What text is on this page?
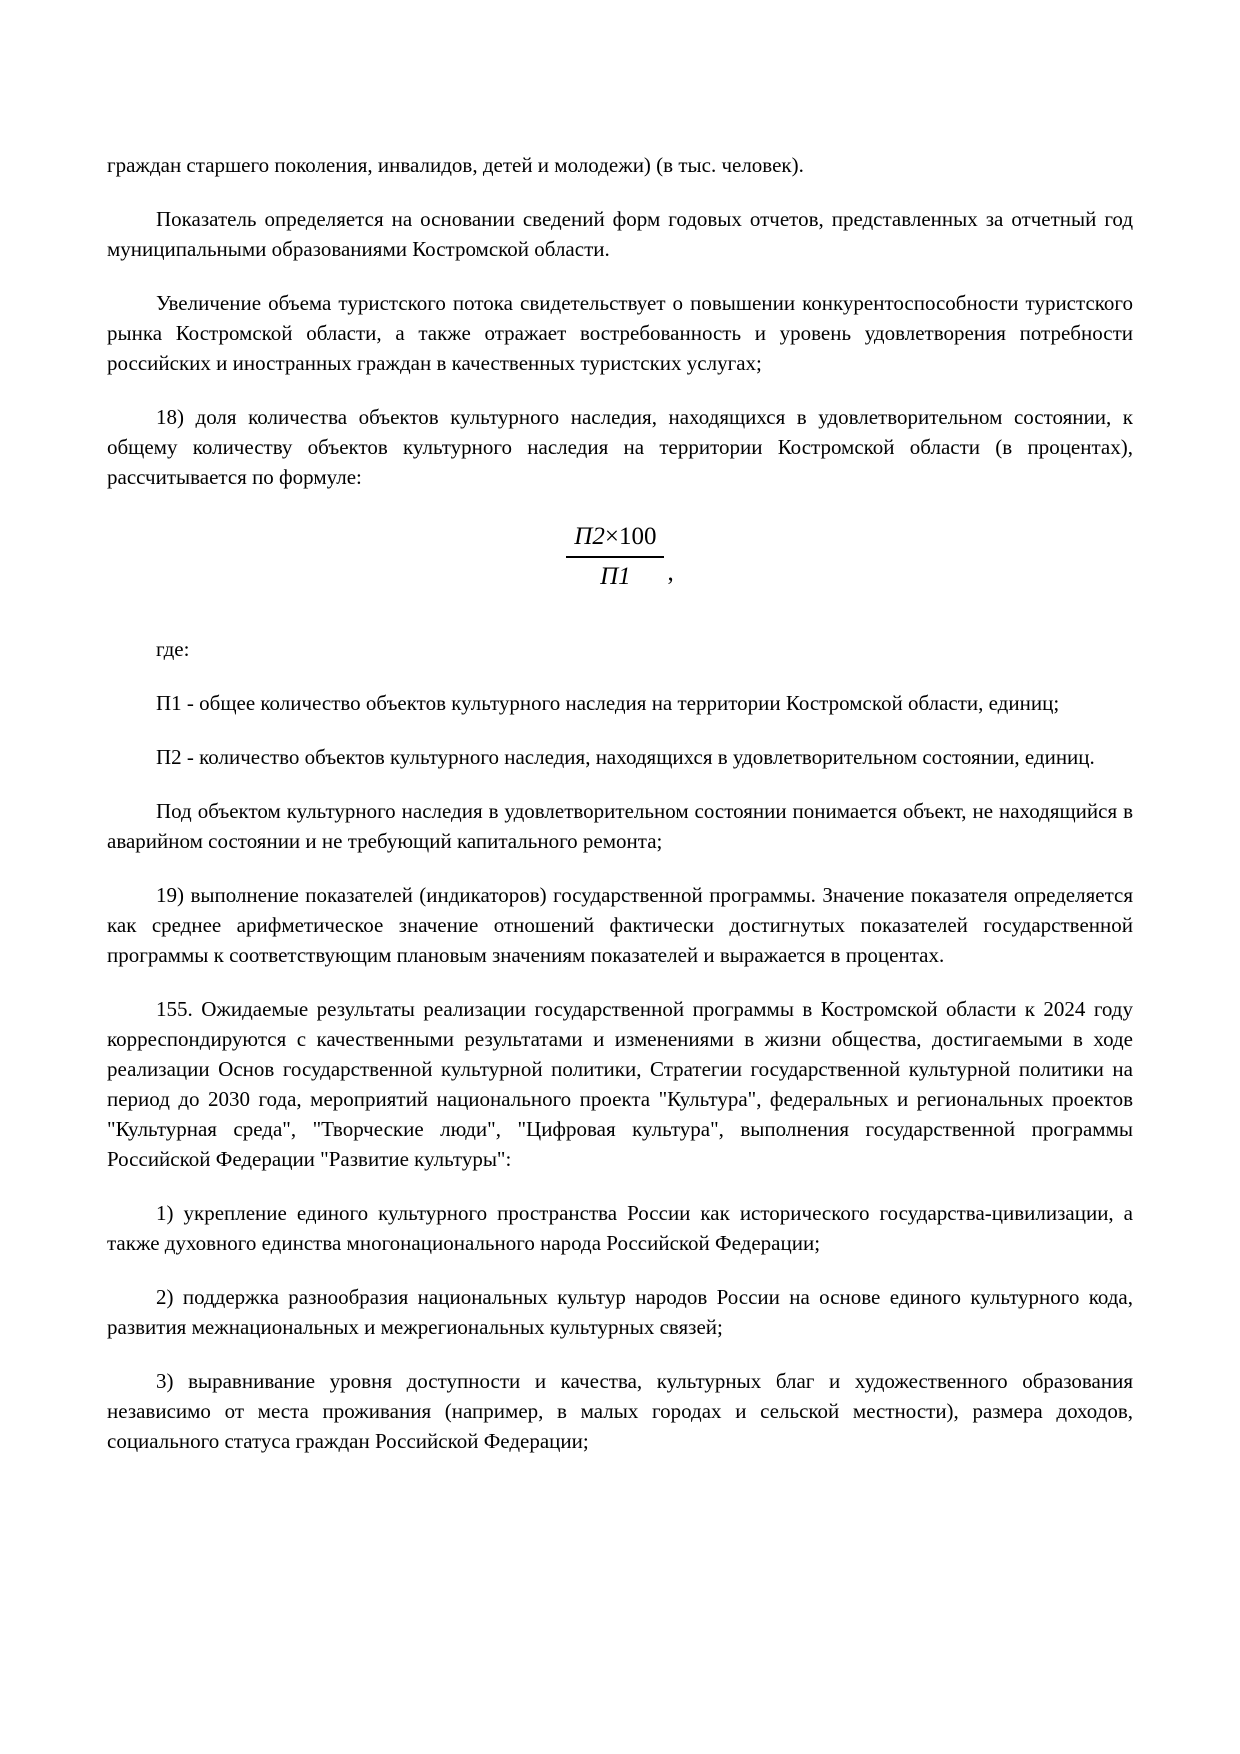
граждан старшего поколения, инвалидов, детей и молодежи) (в тыс. человек).

Показатель определяется на основании сведений форм годовых отчетов, представленных за отчетный год муниципальными образованиями Костромской области.

Увеличение объема туристского потока свидетельствует о повышении конкурентоспособности туристского рынка Костромской области, а также отражает востребованность и уровень удовлетворения потребности российских и иностранных граждан в качественных туристских услугах;

18) доля количества объектов культурного наследия, находящихся в удовлетворительном состоянии, к общему количеству объектов культурного наследия на территории Костромской области (в процентах), рассчитывается по формуле:

$\frac{П2\times 100}{П1}$ ,

где:

П1 - общее количество объектов культурного наследия на территории Костромской области, единиц;

П2 - количество объектов культурного наследия, находящихся в удовлетворительном состоянии, единиц.

Под объектом культурного наследия в удовлетворительном состоянии понимается объект, не находящийся в аварийном состоянии и не требующий капитального ремонта;

19) выполнение показателей (индикаторов) государственной программы. Значение показателя определяется как среднее арифметическое значение отношений фактически достигнутых показателей государственной программы к соответствующим плановым значениям показателей и выражается в процентах.

155. Ожидаемые результаты реализации государственной программы в Костромской области к 2024 году корреспондируются с качественными результатами и изменениями в жизни общества, достигаемыми в ходе реализации Основ государственной культурной политики, Стратегии государственной культурной политики на период до 2030 года, мероприятий национального проекта "Культура", федеральных и региональных проектов "Культурная среда", "Творческие люди", "Цифровая культура", выполнения государственной программы Российской Федерации "Развитие культуры":

1) укрепление единого культурного пространства России как исторического государства-цивилизации, а также духовного единства многонационального народа Российской Федерации;

2) поддержка разнообразия национальных культур народов России на основе единого культурного кода, развития межнациональных и межрегиональных культурных связей;

3) выравнивание уровня доступности и качества, культурных благ и художественного образования независимо от места проживания (например, в малых городах и сельской местности), размера доходов, социального статуса граждан Российской Федерации;
